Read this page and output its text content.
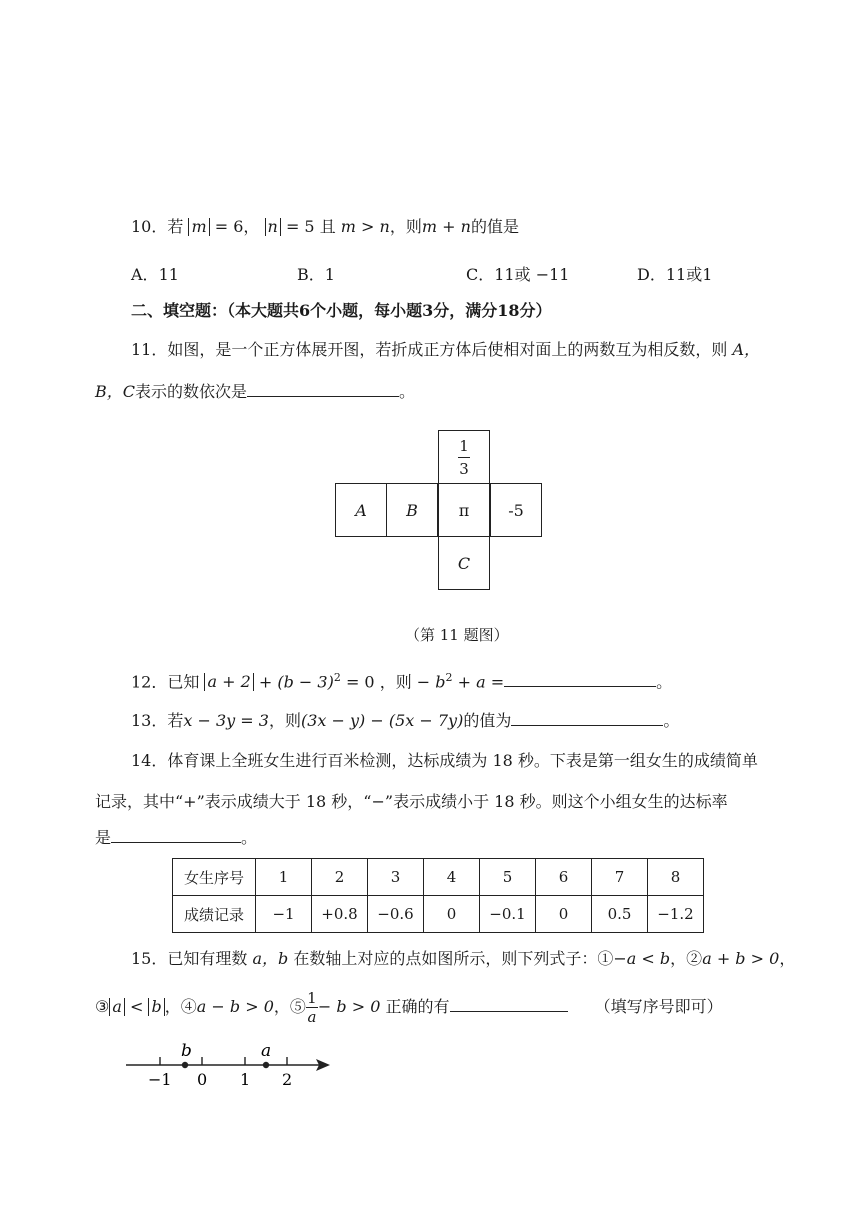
10．若 m = 6， n = 5 且 m > n，则m + n的值是
A．11	B．1	C．11或 −11	D．11或1
二、填空题：（本大题共6个小题，每小题3分，满分18分）
11．如图，是一个正方体展开图，若折成正方体后使相对面上的两数互为相反数，则 A，
B，C表示的数依次是	。
$\frac{1}{3}$
A	B	π	-5
C
（第 11 题图）
12．已知 $a + 2 + (b - 3)^2 = 0$ ，则 − $b^2 + a$ =	。
13．若x − 3y = 3，则(3x − y) − (5x − 7y)的值为	。
14．体育课上全班女生进行百米检测，达标成绩为 18 秒。下表是第一组女生的成绩简单
记录，其中“+”表示成绩大于 18 秒，“−”表示成绩小于 18 秒。则这个小组女生的达标率
是	。
女生序号	1	2	3	4	5	6	7	8
成绩记录	−1	+0.8	−0.6	0	−0.1	0	0.5	−1.2
15．已知有理数 a，b 在数轴上对应的点如图所示，则下列式子：①−a < b，②a + b > 0，
③ a < b ，④a − b > 0，⑤ $\frac{1}{a} - b > 0$ 正确的有	（填写序号即可）
b	a
−1 0 1 2
